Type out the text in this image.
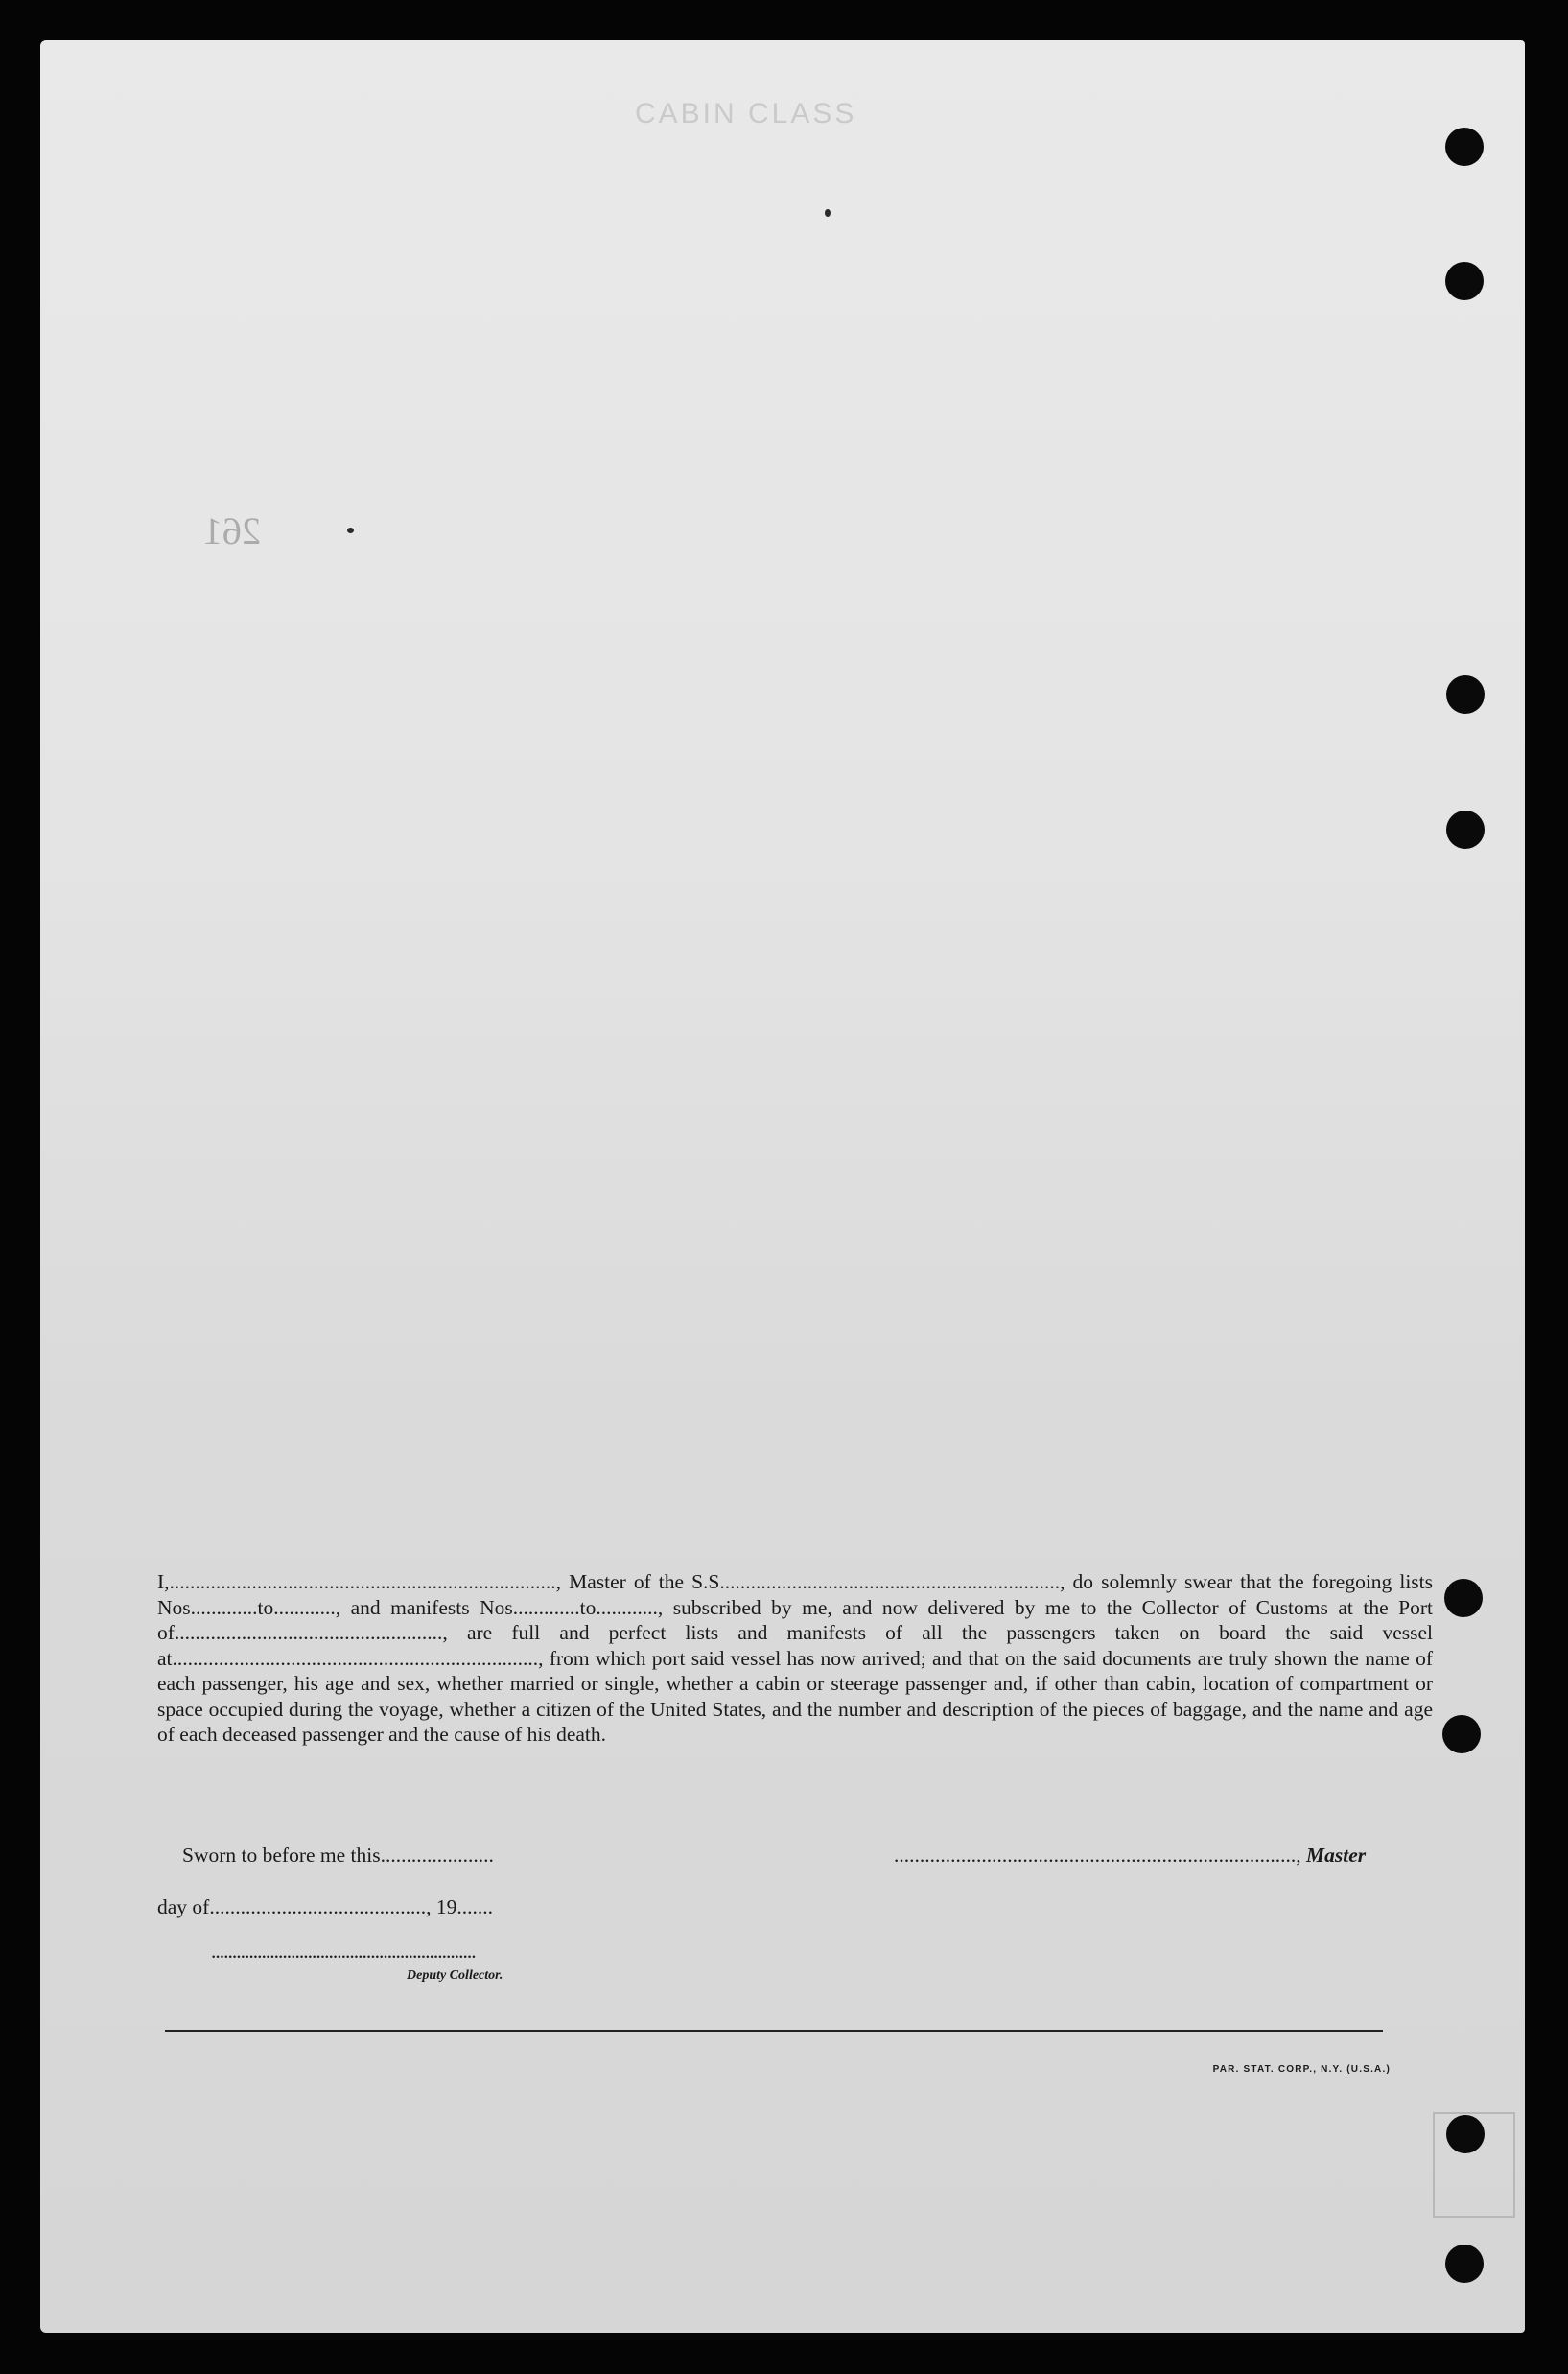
CABIN CLASS
261

I,..........................................................................., Master of the S.S.................................................................., do solemnly swear that the foregoing lists Nos.............to............, and manifests Nos.............to............, subscribed by me, and now delivered by me to the Collector of Customs at the Port of...................................................., are full and perfect lists and manifests of all the passengers taken on board the said vessel at......................................................................., from which port said vessel has now arrived; and that on the said documents are truly shown the name of each passenger, his age and sex, whether married or single, whether a cabin or steerage passenger and, if other than cabin, location of compartment or space occupied during the voyage, whether a citizen of the United States, and the number and description of the pieces of baggage, and the name and age of each deceased passenger and the cause of his death.

Sworn to before me this......................	.............................................................................., Master
day of.........................................., 19.......
...............................................................
Deputy Collector.
PAR. STAT. CORP., N.Y. (U.S.A.)
